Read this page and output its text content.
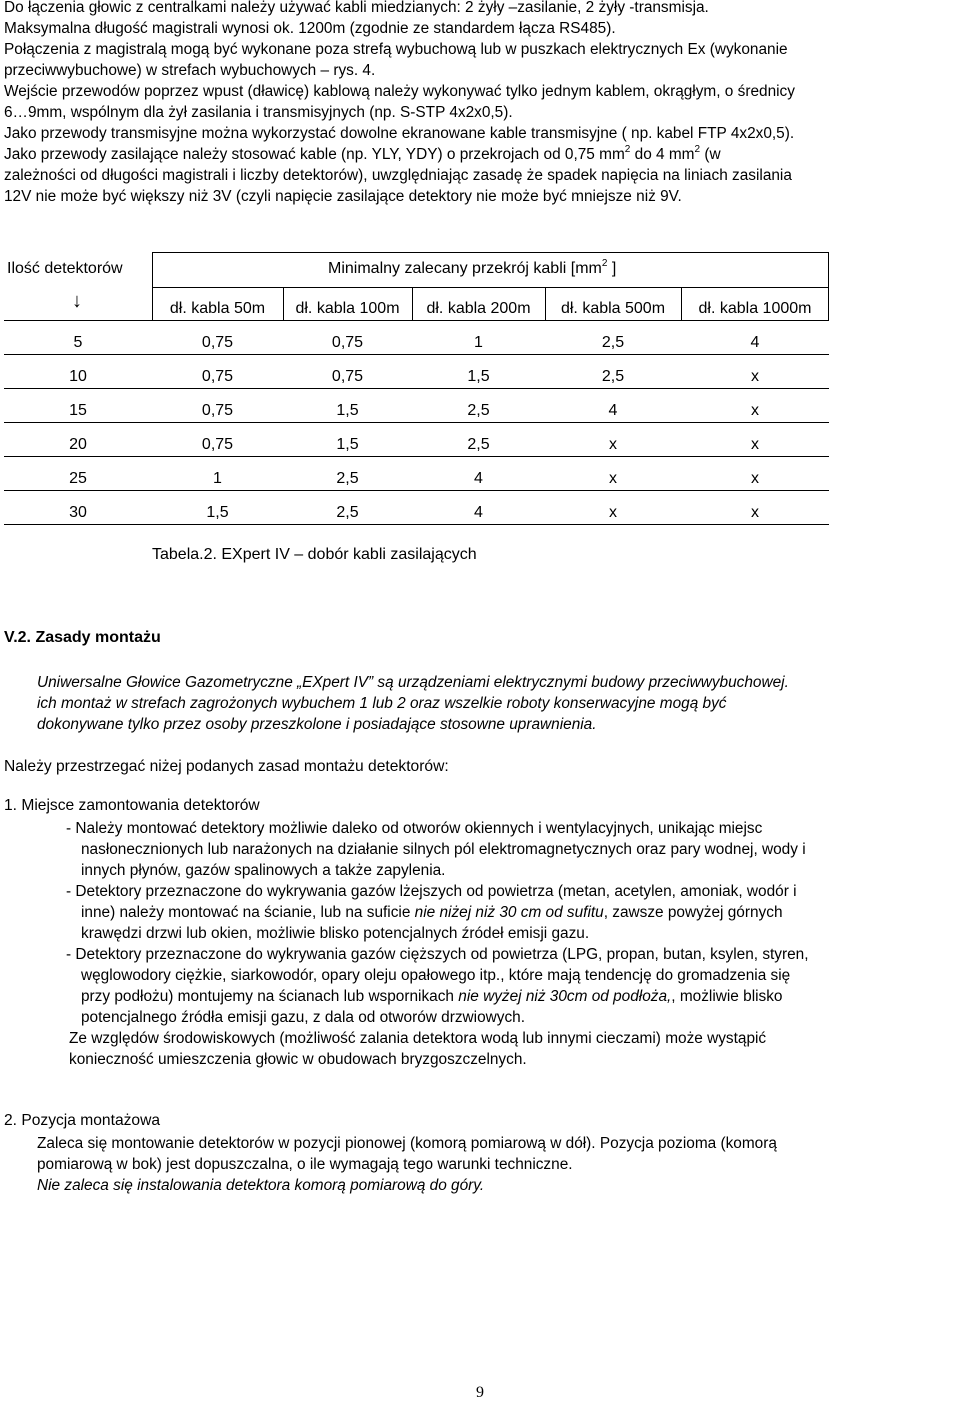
Do łączenia głowic z centralkami należy używać kabli miedzianych: 2 żyły –zasilanie, 2 żyły -transmisja.
Maksymalna długość magistrali wynosi ok. 1200m (zgodnie ze standardem łącza RS485).
Połączenia z magistralą mogą być wykonane poza strefą wybuchową lub w puszkach elektrycznych Ex (wykonanie
przeciwwybuchowe) w strefach wybuchowych – rys. 4.
Wejście przewodów poprzez wpust (dławicę) kablową należy wykonywać tylko jednym kablem, okrągłym, o średnicy
6…9mm, wspólnym dla żył zasilania i transmisyjnych (np. S-STP 4x2x0,5).
Jako przewody transmisyjne można wykorzystać dowolne ekranowane kable transmisyjne ( np. kabel FTP 4x2x0,5).
Jako przewody zasilające należy stosować kable (np. YLY, YDY) o przekrojach od 0,75 $mm^2$ do 4 $mm^2$ (w
zależności od długości magistrali i liczby detektorów), uwzględniając zasadę że spadek napięcia na liniach zasilania
12V nie może być większy niż 3V (czyli napięcie zasilające detektory nie może być mniejsze niż 9V.
Ilość detektorów
↓
Minimalny zalecany przekrój kabli [$mm^2$ ]
dł. kabla 50m	dł. kabla 100m	dł. kabla 200m	dł. kabla 500m	dł. kabla 1000m
5	0,75	0,75	1	2,5	4
10	0,75	0,75	1,5	2,5	x
15	0,75	1,5	2,5	4	x
20	0,75	1,5	2,5	x	x
25	1	2,5	4	x	x
30	1,5	2,5	4	x	x
Tabela.2. EXpert IV – dobór kabli zasilających
V.2. Zasady montażu
Uniwersalne Głowice Gazometryczne „EXpert IV” są urządzeniami elektrycznymi budowy przeciwwybuchowej.
ich montaż w strefach zagrożonych wybuchem 1 lub 2 oraz wszelkie roboty konserwacyjne mogą być
dokonywane tylko przez osoby przeszkolone i posiadające stosowne uprawnienia.
Należy przestrzegać niżej podanych zasad montażu detektorów:
1. Miejsce zamontowania detektorów
- Należy montować detektory możliwie daleko od otworów okiennych i wentylacyjnych, unikając miejsc
nasłonecznionych lub narażonych na działanie silnych pól elektromagnetycznych oraz pary wodnej, wody i
innych płynów, gazów spalinowych a także zapylenia.
- Detektory przeznaczone do wykrywania gazów lżejszych od powietrza (metan, acetylen, amoniak, wodór i
inne) należy montować na ścianie, lub na suficie nie niżej niż 30 cm od sufitu, zawsze powyżej górnych
krawędzi drzwi lub okien, możliwie blisko potencjalnych źródeł emisji gazu.
- Detektory przeznaczone do wykrywania gazów cięższych od powietrza (LPG, propan, butan, ksylen, styren,
węglowodory ciężkie, siarkowodór, opary oleju opałowego itp., które mają tendencję do gromadzenia się
przy podłożu) montujemy na ścianach lub wspornikach nie wyżej niż 30cm od podłoża,, możliwie blisko
potencjalnego źródła emisji gazu, z dala od otworów drzwiowych.
Ze względów środowiskowych (możliwość zalania detektora wodą lub innymi cieczami) może wystąpić
konieczność umieszczenia głowic w obudowach bryzgoszczelnych.
2. Pozycja montażowa
Zaleca się montowanie detektorów w pozycji pionowej (komorą pomiarową w dół). Pozycja pozioma (komorą
pomiarową w bok) jest dopuszczalna, o ile wymagają tego warunki techniczne.
Nie zaleca się instalowania detektora komorą pomiarową do góry.
9
